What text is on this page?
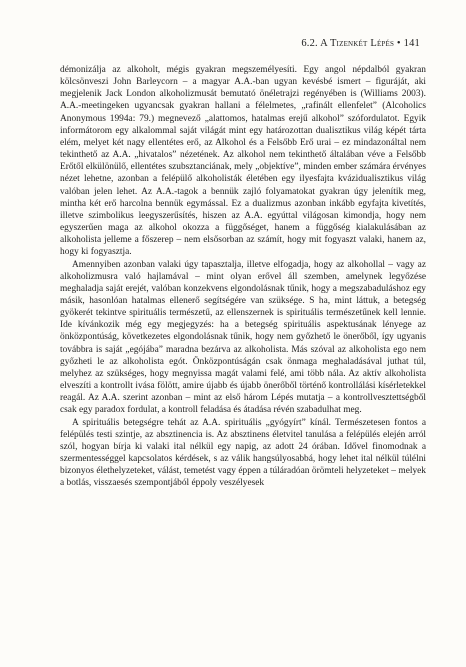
6.2. A Tizenkét Lépés • 141

démonizálja az alkoholt, mégis gyakran megszemélyesíti. Egy angol népdalból gyakran kölcsönveszi John Barleycorn – a magyar A.A.-ban ugyan kevésbé ismert – figuráját, aki megjelenik Jack London alkoholizmusát bemutató önéletrajzi regényében is (Williams 2003). A.A.-meetingeken ugyancsak gyakran hallani a félelmetes, „rafinált ellenfelet” (Alcoholics Anonymous 1994a: 79.) megnevező „alattomos, hatalmas erejű alkohol” szófordulatot. Egyik informátorom egy alkalommal saját világát mint egy határozottan dualisztikus világ képét tárta elém, melyet két nagy ellentétes erő, az Alkohol és a Felsőbb Erő urai – ez mindazonáltal nem tekinthető az A.A. „hivatalos” nézetének. Az alkohol nem tekinthető általában véve a Felsőbb Erőtől elkülönülő, ellentétes szubsztanciának, mely „objektíve”, minden ember számára érvényes nézet lehetne, azonban a felépülő alkoholisták életében egy ilyesfajta kvázidualisztikus világ valóban jelen lehet. Az A.A.-tagok a bennük zajló folyamatokat gyakran úgy jelenítik meg, mintha két erő harcolna bennük egymással. Ez a dualizmus azonban inkább egyfajta kivetítés, illetve szimbolikus leegyszerűsítés, hiszen az A.A. egyúttal világosan kimondja, hogy nem egyszerűen maga az alkohol okozza a függőséget, hanem a függőség kialakulásában az alkoholista jelleme a főszerep – nem elsősorban az számít, hogy mit fogyaszt valaki, hanem az, hogy ki fogyasztja.

Amennyiben azonban valaki úgy tapasztalja, illetve elfogadja, hogy az alkohollal – vagy az alkoholizmusra való hajlamával – mint olyan erővel áll szemben, amelynek legyőzése meghaladja saját erejét, valóban konzekvens elgondolásnak tűnik, hogy a megszabaduláshoz egy másik, hasonlóan hatalmas ellenerő segítségére van szüksége. S ha, mint láttuk, a betegség gyökerét tekintve spirituális természetű, az ellenszernek is spirituális természetűnek kell lennie. Ide kívánkozik még egy megjegyzés: ha a betegség spirituális aspektusának lényege az önközpontúság, következetes elgondolásnak tűnik, hogy nem győzhető le önerőből, így ugyanis továbbra is saját „egójába” maradna bezárva az alkoholista. Más szóval az alkoholista ego nem győzheti le az alkoholista egót. Önközpontúságán csak önmaga meghaladásával juthat túl, melyhez az szükséges, hogy megnyissa magát valami felé, ami több nála. Az aktív alkoholista elveszíti a kontrollt ivása fölött, amire újabb és újabb önerőből történő kontrollálási kísérletekkel reagál. Az A.A. szerint azonban – mint az első három Lépés mutatja – a kontrollvesztettségből csak egy paradox fordulat, a kontroll feladása és átadása révén szabadulhat meg.

A spirituális betegségre tehát az A.A. spirituális „gyógyírt” kínál. Természetesen fontos a felépülés testi szintje, az absztinencia is. Az absztinens életvitel tanulása a felépülés elején arról szól, hogyan bírja ki valaki ital nélkül egy napig, az adott 24 órában. Idővel finomodnak a szermentességgel kapcsolatos kérdések, s az válik hangsúlyosabbá, hogy lehet ital nélkül túlélni bizonyos élethelyzeteket, válást, temetést vagy éppen a túláradóan örömteli helyzeteket – melyek a botlás, visszaesés szempontjából éppoly veszélyesek
